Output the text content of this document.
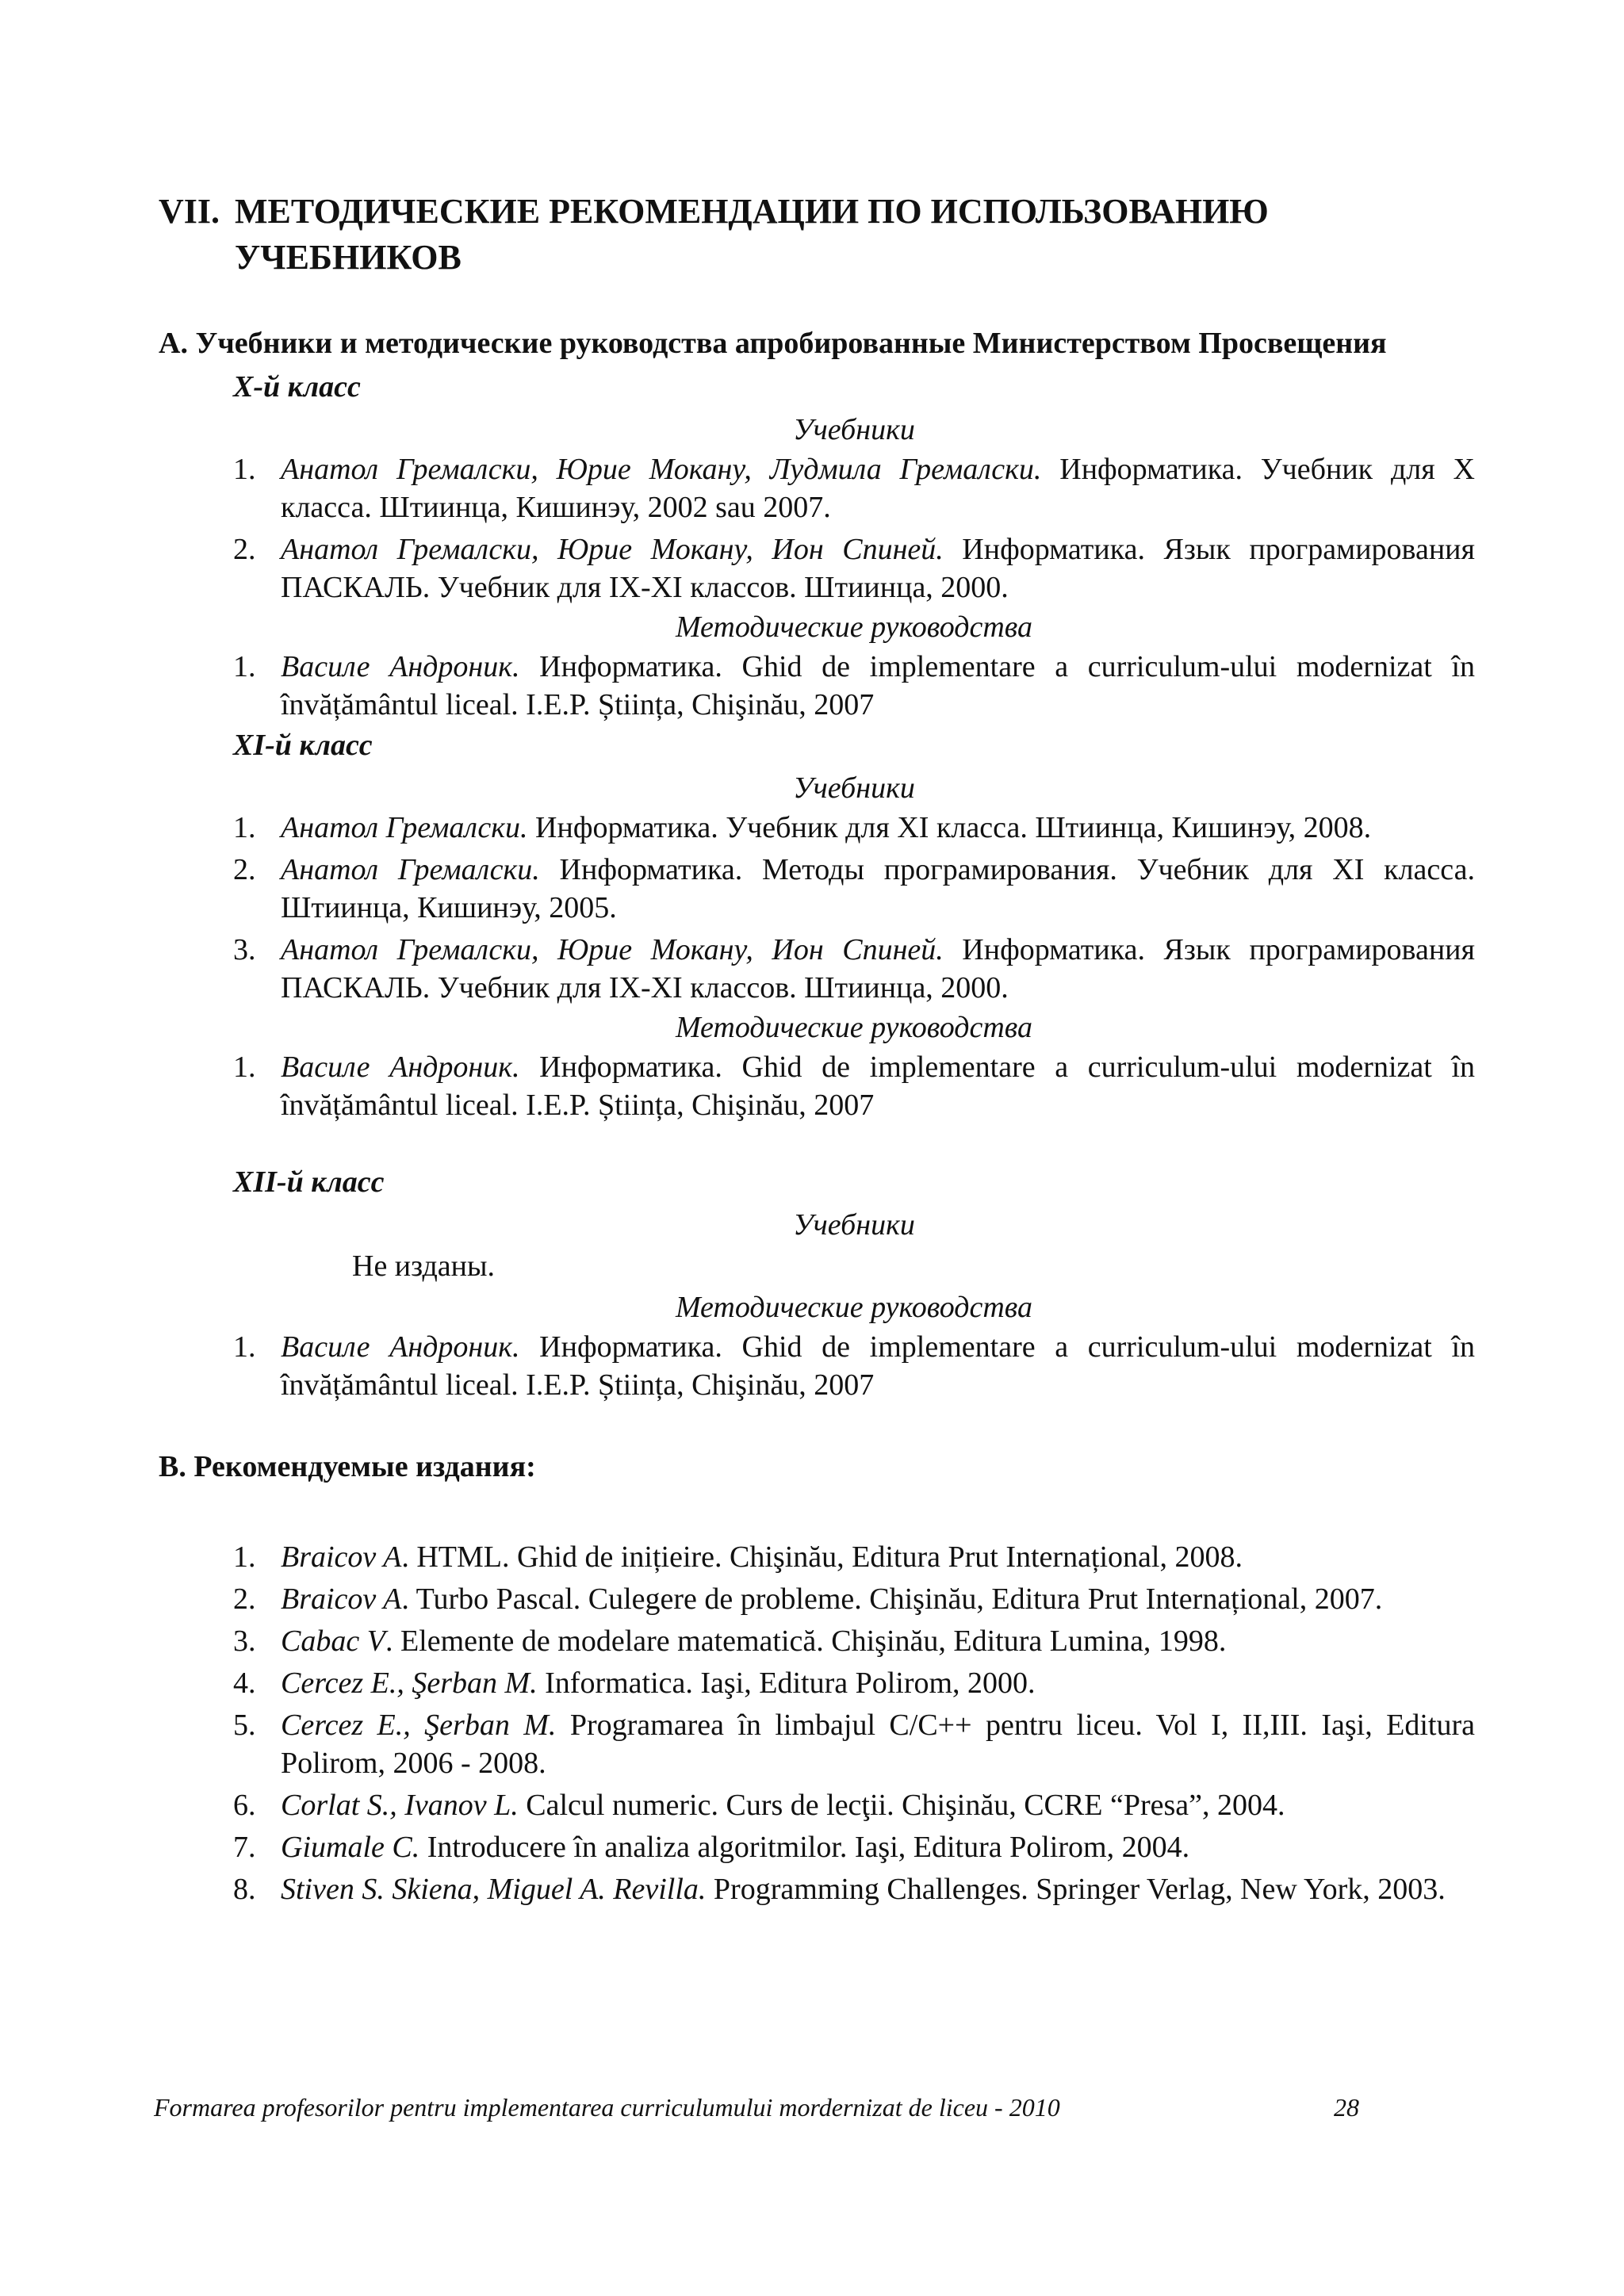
VII. МЕТОДИЧЕСКИЕ РЕКОМЕНДАЦИИ ПО ИСПОЛЬЗОВАНИЮ УЧЕБНИКОВ
A. Учебники и методические руководства апробированные Министерством Просвещения
X-й класс
Учебники
1. Анатол Гремалски, Юрие Мокану, Лудмила Гремалски. Информатика. Учебник для X класса. Штиинца, Кишинэу, 2002 sau 2007.
2. Анатол Гремалски, Юрие Мокану, Ион Спиней. Информатика. Язык програмирования ПАСКАЛЬ. Учебник для IX-XI классов. Штиинца, 2000.
Методические руководства
1. Василе Андроник. Информатика. Ghid de implementare a curriculum-ului modernizat în învățământul liceal. I.E.P. Știința, Chişinău, 2007
XI-й класс
Учебники
1. Анатол Гремалски. Информатика. Учебник для XI класса. Штиинца, Кишинэу, 2008.
2. Анатол Гремалски. Информатика. Методы програмирования. Учебник для XI класса. Штиинца, Кишинэу, 2005.
3. Анатол Гремалски, Юрие Мокану, Ион Спиней. Информатика. Язык програмирования ПАСКАЛЬ. Учебник для IX-XI классов. Штиинца, 2000.
Методические руководства
1. Василе Андроник. Информатика. Ghid de implementare a curriculum-ului modernizat în învățământul liceal. I.E.P. Știința, Chişinău, 2007
XII-й класс
Учебники
Не изданы.
Методические руководства
1. Василе Андроник. Информатика. Ghid de implementare a curriculum-ului modernizat în învățământul liceal. I.E.P. Știința, Chişinău, 2007
B. Рекомендуемые издания:
1. Braicov A. HTML. Ghid de inițieire. Chişinău, Editura Prut Internațional, 2008.
2. Braicov A. Turbo Pascal. Culegere de probleme. Chişinău, Editura Prut Internațional, 2007.
3. Cabac V. Elemente de modelare matematică. Chişinău, Editura Lumina, 1998.
4. Cercez E., Şerban M. Informatica. Iaşi, Editura Polirom, 2000.
5. Cercez E., Şerban M. Programarea în limbajul C/C++ pentru liceu. Vol I, II,III. Iaşi, Editura Polirom, 2006 - 2008.
6. Corlat S., Ivanov L. Calcul numeric. Curs de lecţii. Chişinău, CCRE “Presa”, 2004.
7. Giumale C. Introducere în analiza algoritmilor. Iaşi, Editura Polirom, 2004.
8. Stiven S. Skiena, Miguel A. Revilla. Programming Challenges. Springer Verlag, New York, 2003.
Formarea profesorilor pentru implementarea curriculumului mordernizat de liceu - 2010	28
